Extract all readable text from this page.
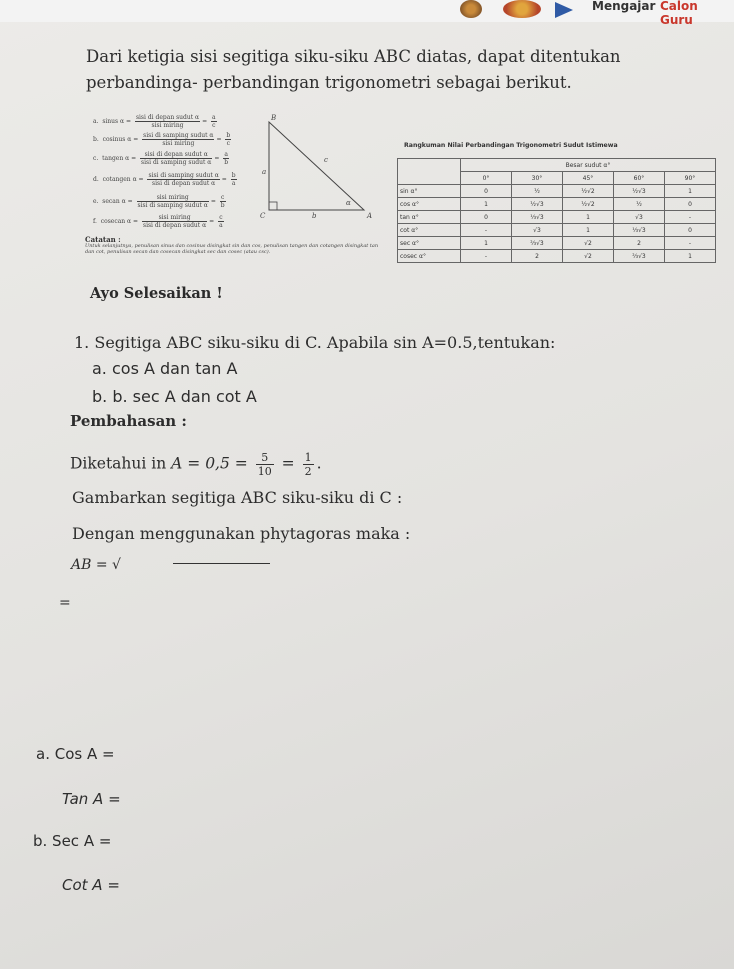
Mengajar Calon Guru
Dari ketigia sisi segitiga siku-siku ABC diatas, dapat ditentukan perbandinga- perbandingan trigonometri sebagai berikut.
a. sinus $\alpha = \frac{\text{sisi di depan sudut α}}{\text{sisi miring}} = \frac{a}{c}$
b. cosinus $\alpha = \frac{\text{sisi di samping sudut α}}{\text{sisi miring}} = \frac{b}{c}$
c. tangen $\alpha = \frac{\text{sisi di depan sudut α}}{\text{sisi di samping sudut α}} = \frac{a}{b}$
d. cotangen $\alpha = \frac{\text{sisi di samping sudut α}}{\text{sisi di depan sudut α}} = \frac{b}{a}$
e. secan $\alpha = \frac{\text{sisi miring}}{\text{sisi di samping sudut α}} = \frac{c}{b}$
f. cosecan $\alpha = \frac{\text{sisi miring}}{\text{sisi di depan sudut α}} = \frac{c}{a}$
B
C	A
a
b
c
α
Catatan :
Untuk selanjutnya, penulisan sinus dan cosinus disingkat sin dan cos, penulisan tangen dan cotangen disingkat tan dan cot, penulisan secan dan cosecan disingkat sec dan cosec (atau csc).
Rangkuman Nilai Perbandingan Trigonometri Sudut Istimewa
	Besar sudut α°				
	0°	30°	45°	60°	90°
sin α°	0	½	½√2	½√3	1
cos α°	1	½√3	½√2	½	0
tan α°	0	⅓√3	1	√3	-
cot α°	-	√3	1	⅓√3	0
sec α°	1	⅔√3	√2	2	-
cosec α°	-	2	√2	⅔√3	1
Ayo Selesaikan !
1. Segitiga ABC siku-siku di C. Apabila sin A=0.5,tentukan:
a. cos A dan tan A
b. b. sec A dan cot A
Pembahasan :
Diketahui in $A = 0,5 = \frac{5}{10} = \frac{1}{2}$ .
Gambarkan segitiga ABC siku-siku di C :
Dengan menggunakan phytagoras maka :
AB = √
=
a. Cos A =
Tan A =
b. Sec A =
Cot A =
